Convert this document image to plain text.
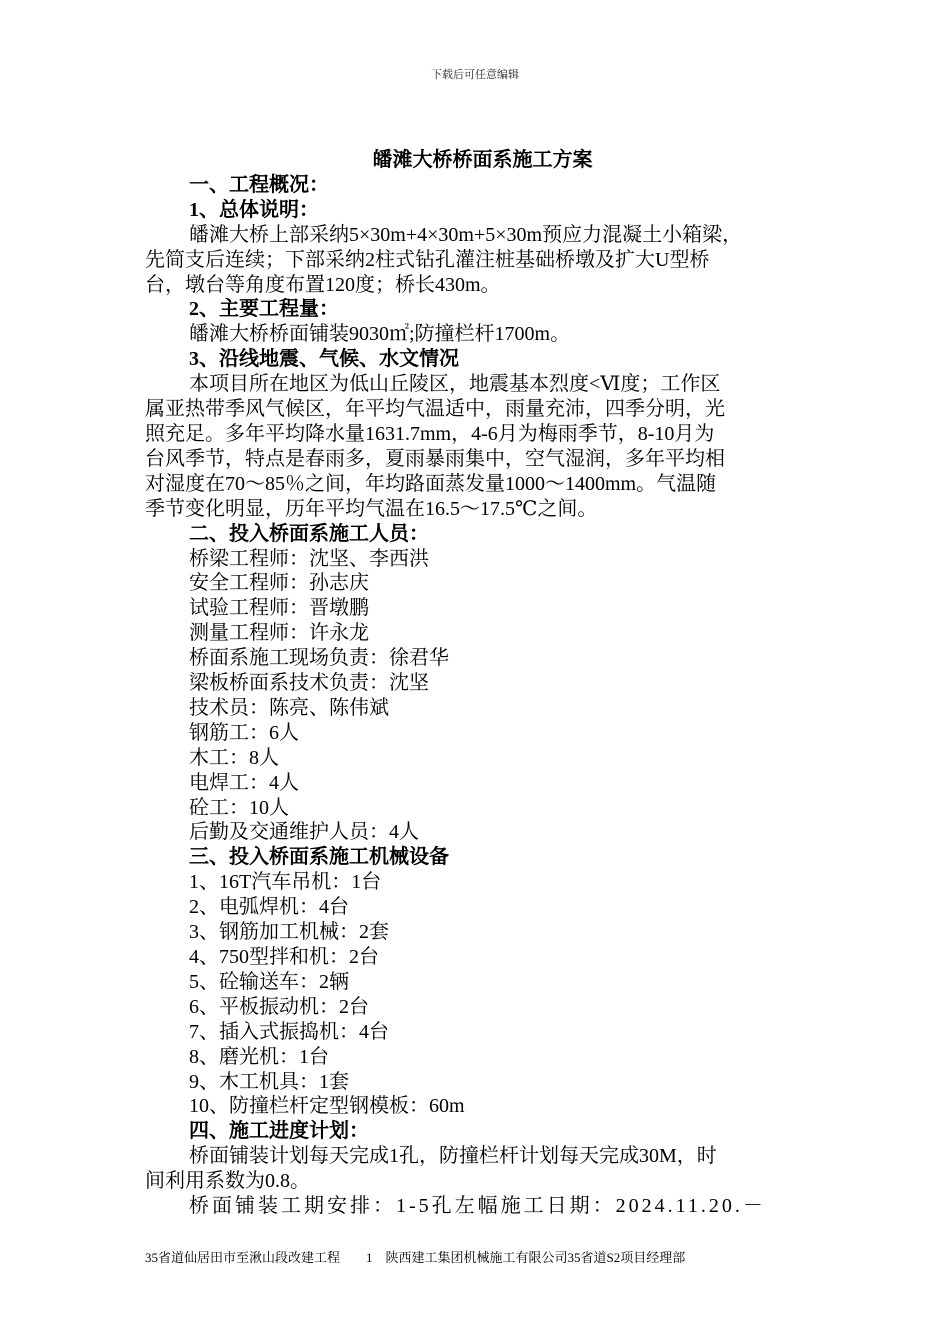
下载后可任意编辑
皤滩大桥桥面系施工方案
一、工程概况：
1、总体说明：
皤滩大桥上部采纳5×30m+4×30m+5×30m预应力混凝土小箱梁，
先简支后连续；下部采纳2柱式钻孔灌注桩基础桥墩及扩大U型桥
台，墩台等角度布置120度；桥长430m。
2、主要工程量：
皤滩大桥桥面铺装9030㎡;防撞栏杆1700m。
3、沿线地震、气候、水文情况
本项目所在地区为低山丘陵区，地震基本烈度<Ⅵ度；工作区
属亚热带季风气候区，年平均气温适中，雨量充沛，四季分明，光
照充足。多年平均降水量1631.7mm，4-6月为梅雨季节，8-10月为
台风季节，特点是春雨多，夏雨暴雨集中，空气湿润，多年平均相
对湿度在70～85％之间，年均路面蒸发量1000～1400mm。气温随
季节变化明显，历年平均气温在16.5～17.5℃之间。
二、投入桥面系施工人员：
桥梁工程师：沈坚、李西洪
安全工程师：孙志庆
试验工程师：晋墩鹏
测量工程师：许永龙
桥面系施工现场负责：徐君华
梁板桥面系技术负责：沈坚
技术员：陈亮、陈伟斌
钢筋工：6人
木工：8人
电焊工：4人
砼工：10人
后勤及交通维护人员：4人
三、投入桥面系施工机械设备
1、16T汽车吊机：1台
2、电弧焊机：4台
3、钢筋加工机械：2套
4、750型拌和机：2台
5、砼输送车：2辆
6、平板振动机：2台
7、插入式振捣机：4台
8、磨光机：1台
9、木工机具：1套
10、防撞栏杆定型钢模板：60m
四、施工进度计划：
桥面铺装计划每天完成1孔，防撞栏杆计划每天完成30M，时
间利用系数为0.8。
桥面铺装工期安排：1-5孔左幅施工日期：2024.11.20.－
35省道仙居田市至湫山段改建工程　　1　陕西建工集团机械施工有限公司35省道S2项目经理部
